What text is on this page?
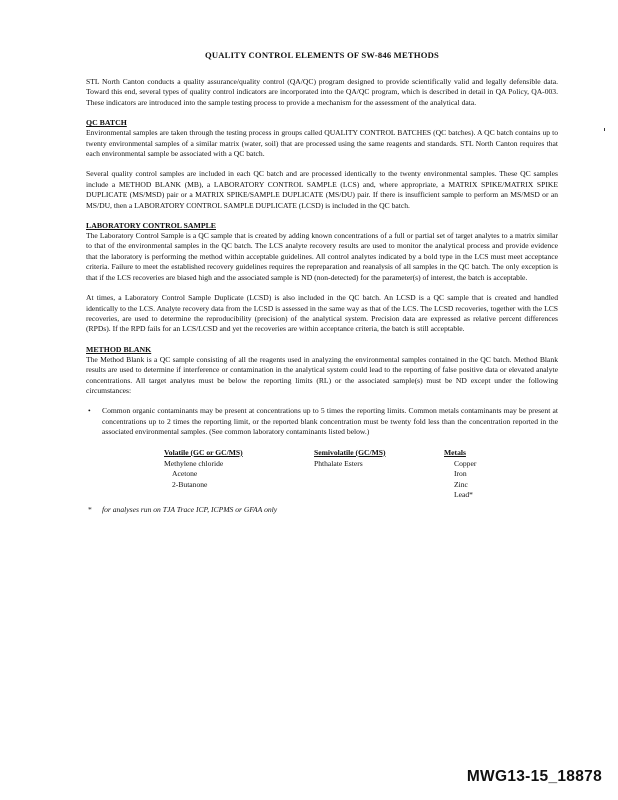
QUALITY CONTROL ELEMENTS OF SW-846 METHODS

STL North Canton conducts a quality assurance/quality control (QA/QC) program designed to provide scientifically valid and legally defensible data. Toward this end, several types of quality control indicators are incorporated into the QA/QC program, which is described in detail in QA Policy, QA-003. These indicators are introduced into the sample testing process to provide a mechanism for the assessment of the analytical data.

QC BATCH

Environmental samples are taken through the testing process in groups called QUALITY CONTROL BATCHES (QC batches). A QC batch contains up to twenty environmental samples of a similar matrix (water, soil) that are processed using the same reagents and standards. STL North Canton requires that each environmental sample be associated with a QC batch.

Several quality control samples are included in each QC batch and are processed identically to the twenty environmental samples. These QC samples include a METHOD BLANK (MB), a LABORATORY CONTROL SAMPLE (LCS) and, where appropriate, a MATRIX SPIKE/MATRIX SPIKE DUPLICATE (MS/MSD) pair or a MATRIX SPIKE/SAMPLE DUPLICATE (MS/DU) pair. If there is insufficient sample to perform an MS/MSD or an MS/DU, then a LABORATORY CONTROL SAMPLE DUPLICATE (LCSD) is included in the QC batch.

LABORATORY CONTROL SAMPLE

The Laboratory Control Sample is a QC sample that is created by adding known concentrations of a full or partial set of target analytes to a matrix similar to that of the environmental samples in the QC batch. The LCS analyte recovery results are used to monitor the analytical process and provide evidence that the laboratory is performing the method within acceptable guidelines. All control analytes indicated by a bold type in the LCS must meet acceptance criteria. Failure to meet the established recovery guidelines requires the repreparation and reanalysis of all samples in the QC batch. The only exception is that if the LCS recoveries are biased high and the associated sample is ND (non-detected) for the parameter(s) of interest, the batch is acceptable.

At times, a Laboratory Control Sample Duplicate (LCSD) is also included in the QC batch. An LCSD is a QC sample that is created and handled identically to the LCS. Analyte recovery data from the LCSD is assessed in the same way as that of the LCS. The LCSD recoveries, together with the LCS recoveries, are used to determine the reproducibility (precision) of the analytical system. Precision data are expressed as relative percent differences (RPDs). If the RPD fails for an LCS/LCSD and yet the recoveries are within acceptance criteria, the batch is still acceptable.

METHOD BLANK

The Method Blank is a QC sample consisting of all the reagents used in analyzing the environmental samples contained in the QC batch. Method Blank results are used to determine if interference or contamination in the analytical system could lead to the reporting of false positive data or elevated analyte concentrations. All target analytes must be below the reporting limits (RL) or the associated sample(s) must be ND except under the following circumstances:

•	Common organic contaminants may be present at concentrations up to 5 times the reporting limits. Common metals contaminants may be present at concentrations up to 2 times the reporting limit, or the reported blank concentration must be twenty fold less than the concentration reported in the associated environmental samples. (See common laboratory contaminants listed below.)
Volatile (GC or GC/MS)
Methylene chloride
Acetone
2-Butanone
Semivolatile (GC/MS)
Phthalate Esters
Metals
Copper
Iron
Zinc
Lead*
*	for analyses run on TJA Trace ICP, ICPMS or GFAA only
MWG13-15_18878
